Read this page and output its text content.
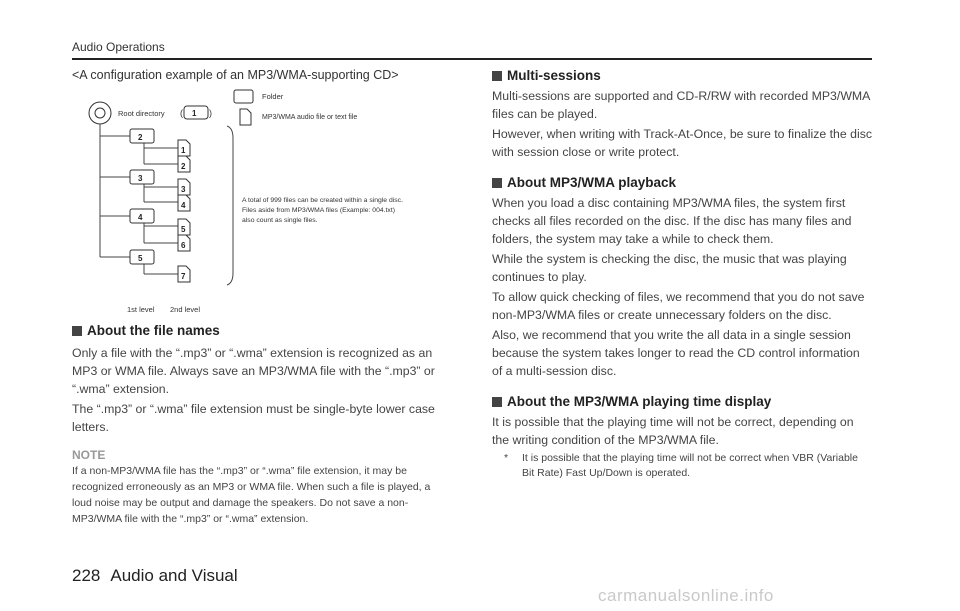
Audio Operations

<A configuration example of an MP3/WMA-supporting CD>

Root directory ( 1 )
Folder
MP3/WMA audio file or text file
2
3
4
5
1
2
3
4
5
6
7
A total of 999 files can be created within a single disc.
Files aside from MP3/WMA files (Example: 004.txt)
also count as single files.
1st level 2nd level
About the file names

Only a file with the “.mp3” or “.wma” extension is recognized as an MP3 or WMA file. Always save an MP3/WMA file with the “.mp3” or “.wma” extension.

The “.mp3” or “.wma” file extension must be single-byte lower case letters.

NOTE

If a non-MP3/WMA file has the “.mp3” or “.wma” file extension, it may be recognized erroneously as an MP3 or WMA file. When such a file is played, a loud noise may be output and damage the speakers. Do not save a non-MP3/WMA file with the “.mp3” or “.wma” extension.

Multi-sessions

Multi-sessions are supported and CD-R/RW with recorded MP3/WMA files can be played.

However, when writing with Track-At-Once, be sure to finalize the disc with session close or write protect.

About MP3/WMA playback

When you load a disc containing MP3/WMA files, the system first checks all files recorded on the disc. If the disc has many files and folders, the system may take a while to check them.

While the system is checking the disc, the music that was playing continues to play.

To allow quick checking of files, we recommend that you do not save non-MP3/WMA files or create unnecessary folders on the disc.

Also, we recommend that you write the all data in a single session because the system takes longer to read the CD control information of a multi-session disc.

About the MP3/WMA playing time display

It is possible that the playing time will not be correct, depending on the writing condition of the MP3/WMA file.

*	It is possible that the playing time will not be correct when VBR (Variable Bit Rate) Fast Up/Down is operated.
228 Audio and Visual
carmanualsonline.info
